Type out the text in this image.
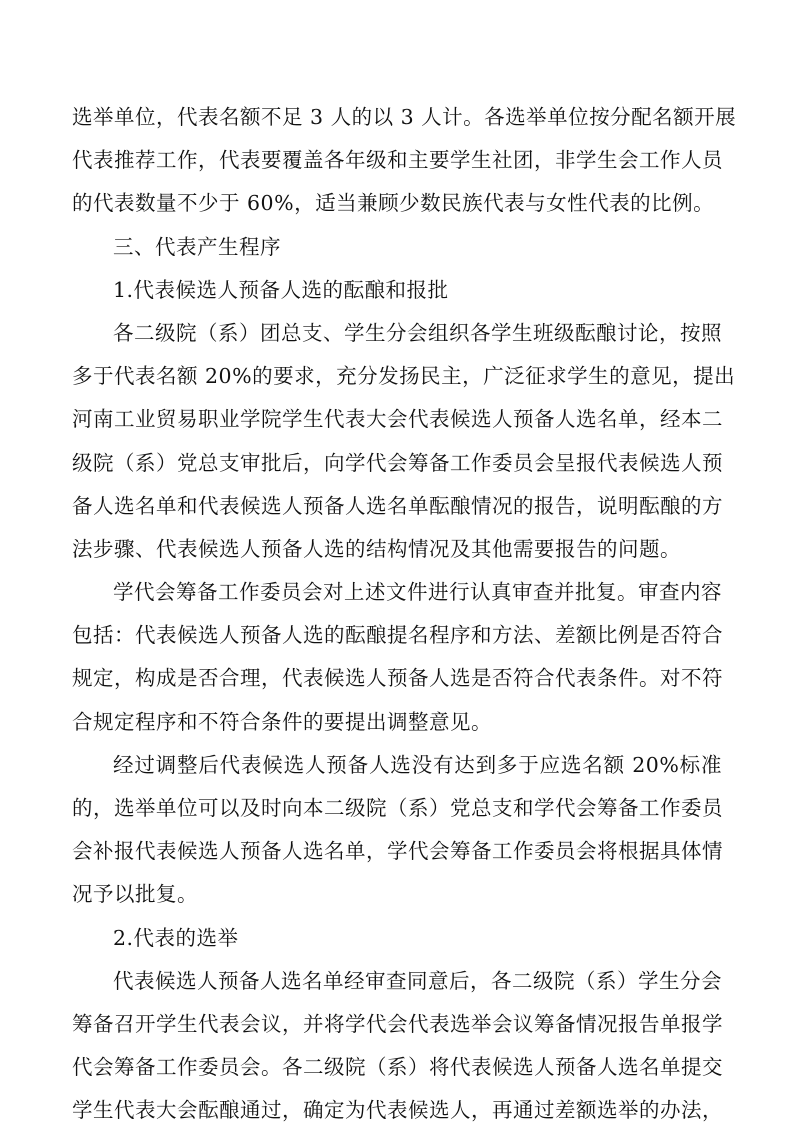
选举单位，代表名额不足 3 人的以 3 人计。各选举单位按分配名额开展
代表推荐工作，代表要覆盖各年级和主要学生社团，非学生会工作人员
的代表数量不少于 60%，适当兼顾少数民族代表与女性代表的比例。
三、代表产生程序
1.代表候选人预备人选的酝酿和报批
各二级院（系）团总支、学生分会组织各学生班级酝酿讨论，按照
多于代表名额 20%的要求，充分发扬民主，广泛征求学生的意见，提出
河南工业贸易职业学院学生代表大会代表候选人预备人选名单，经本二
级院（系）党总支审批后，向学代会筹备工作委员会呈报代表候选人预
备人选名单和代表候选人预备人选名单酝酿情况的报告，说明酝酿的方
法步骤、代表候选人预备人选的结构情况及其他需要报告的问题。
学代会筹备工作委员会对上述文件进行认真审查并批复。审查内容
包括：代表候选人预备人选的酝酿提名程序和方法、差额比例是否符合
规定，构成是否合理，代表候选人预备人选是否符合代表条件。对不符
合规定程序和不符合条件的要提出调整意见。
经过调整后代表候选人预备人选没有达到多于应选名额 20%标准
的，选举单位可以及时向本二级院（系）党总支和学代会筹备工作委员
会补报代表候选人预备人选名单，学代会筹备工作委员会将根据具体情
况予以批复。
2.代表的选举
代表候选人预备人选名单经审查同意后，各二级院（系）学生分会
筹备召开学生代表会议，并将学代会代表选举会议筹备情况报告单报学
代会筹备工作委员会。各二级院（系）将代表候选人预备人选名单提交
学生代表大会酝酿通过，确定为代表候选人，再通过差额选举的办法，
